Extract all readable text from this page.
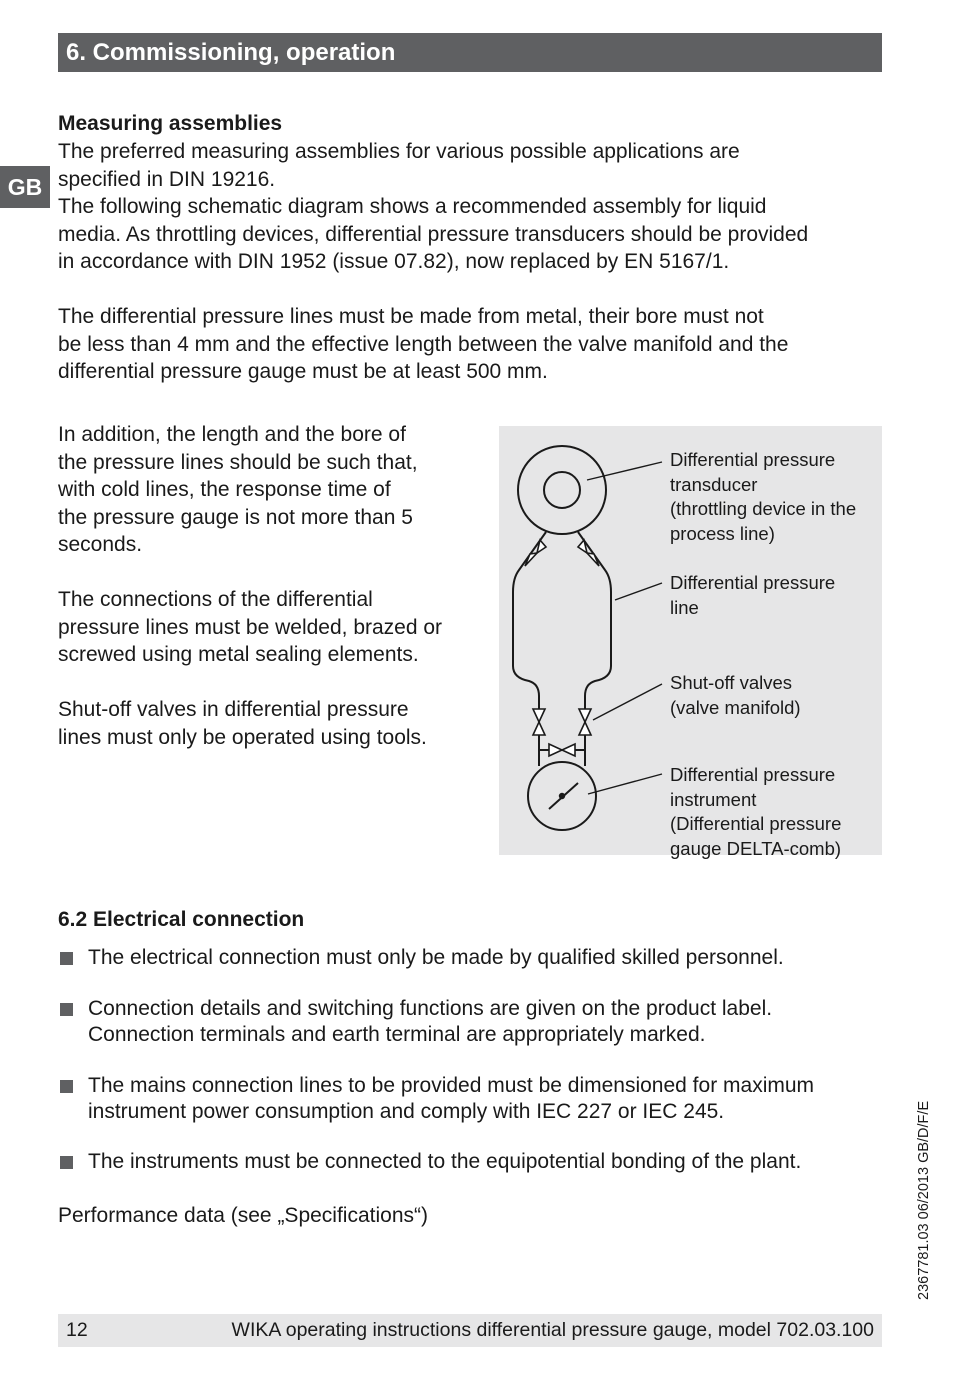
6. Commissioning, operation
GB

Measuring assemblies

The preferred measuring assemblies for various possible applications are
specified in DIN 19216.
The following schematic diagram shows a recommended assembly for liquid
media. As throttling devices, differential pressure transducers should be provided
in accordance with DIN 1952 (issue 07.82), now replaced by EN 5167/1.
The differential pressure lines must be made from metal, their bore must not
be less than 4 mm and the effective length between the valve manifold and the
differential pressure gauge must be at least 500 mm.
In addition, the length and the bore of
the pressure lines should be such that,
with cold lines, the response time of
the pressure gauge is not more than 5
seconds.
The connections of the differential
pressure lines must be welded, brazed or
screwed using metal sealing elements.
Shut-off valves in differential pressure
lines must only be operated using tools.
Differential pressure
transducer
(throttling device in the
process line)
Differential pressure
line
Shut-off valves
(valve manifold)
Differential pressure
instrument
(Differential pressure
gauge DELTA-comb)

6.2 Electrical connection

The electrical connection must only be made by qualified skilled personnel.
Connection details and switching functions are given on the product label.
Connection terminals and earth terminal are appropriately marked.
The mains connection lines to be provided must be dimensioned for maximum
instrument power consumption and comply with IEC 227 or IEC 245.
The instruments must be connected to the equipotential bonding of the plant.

Performance data (see „Specifications“)

12	WIKA operating instructions differential pressure gauge, model 702.03.100
2367781.03 06/2013 GB/D/F/E
